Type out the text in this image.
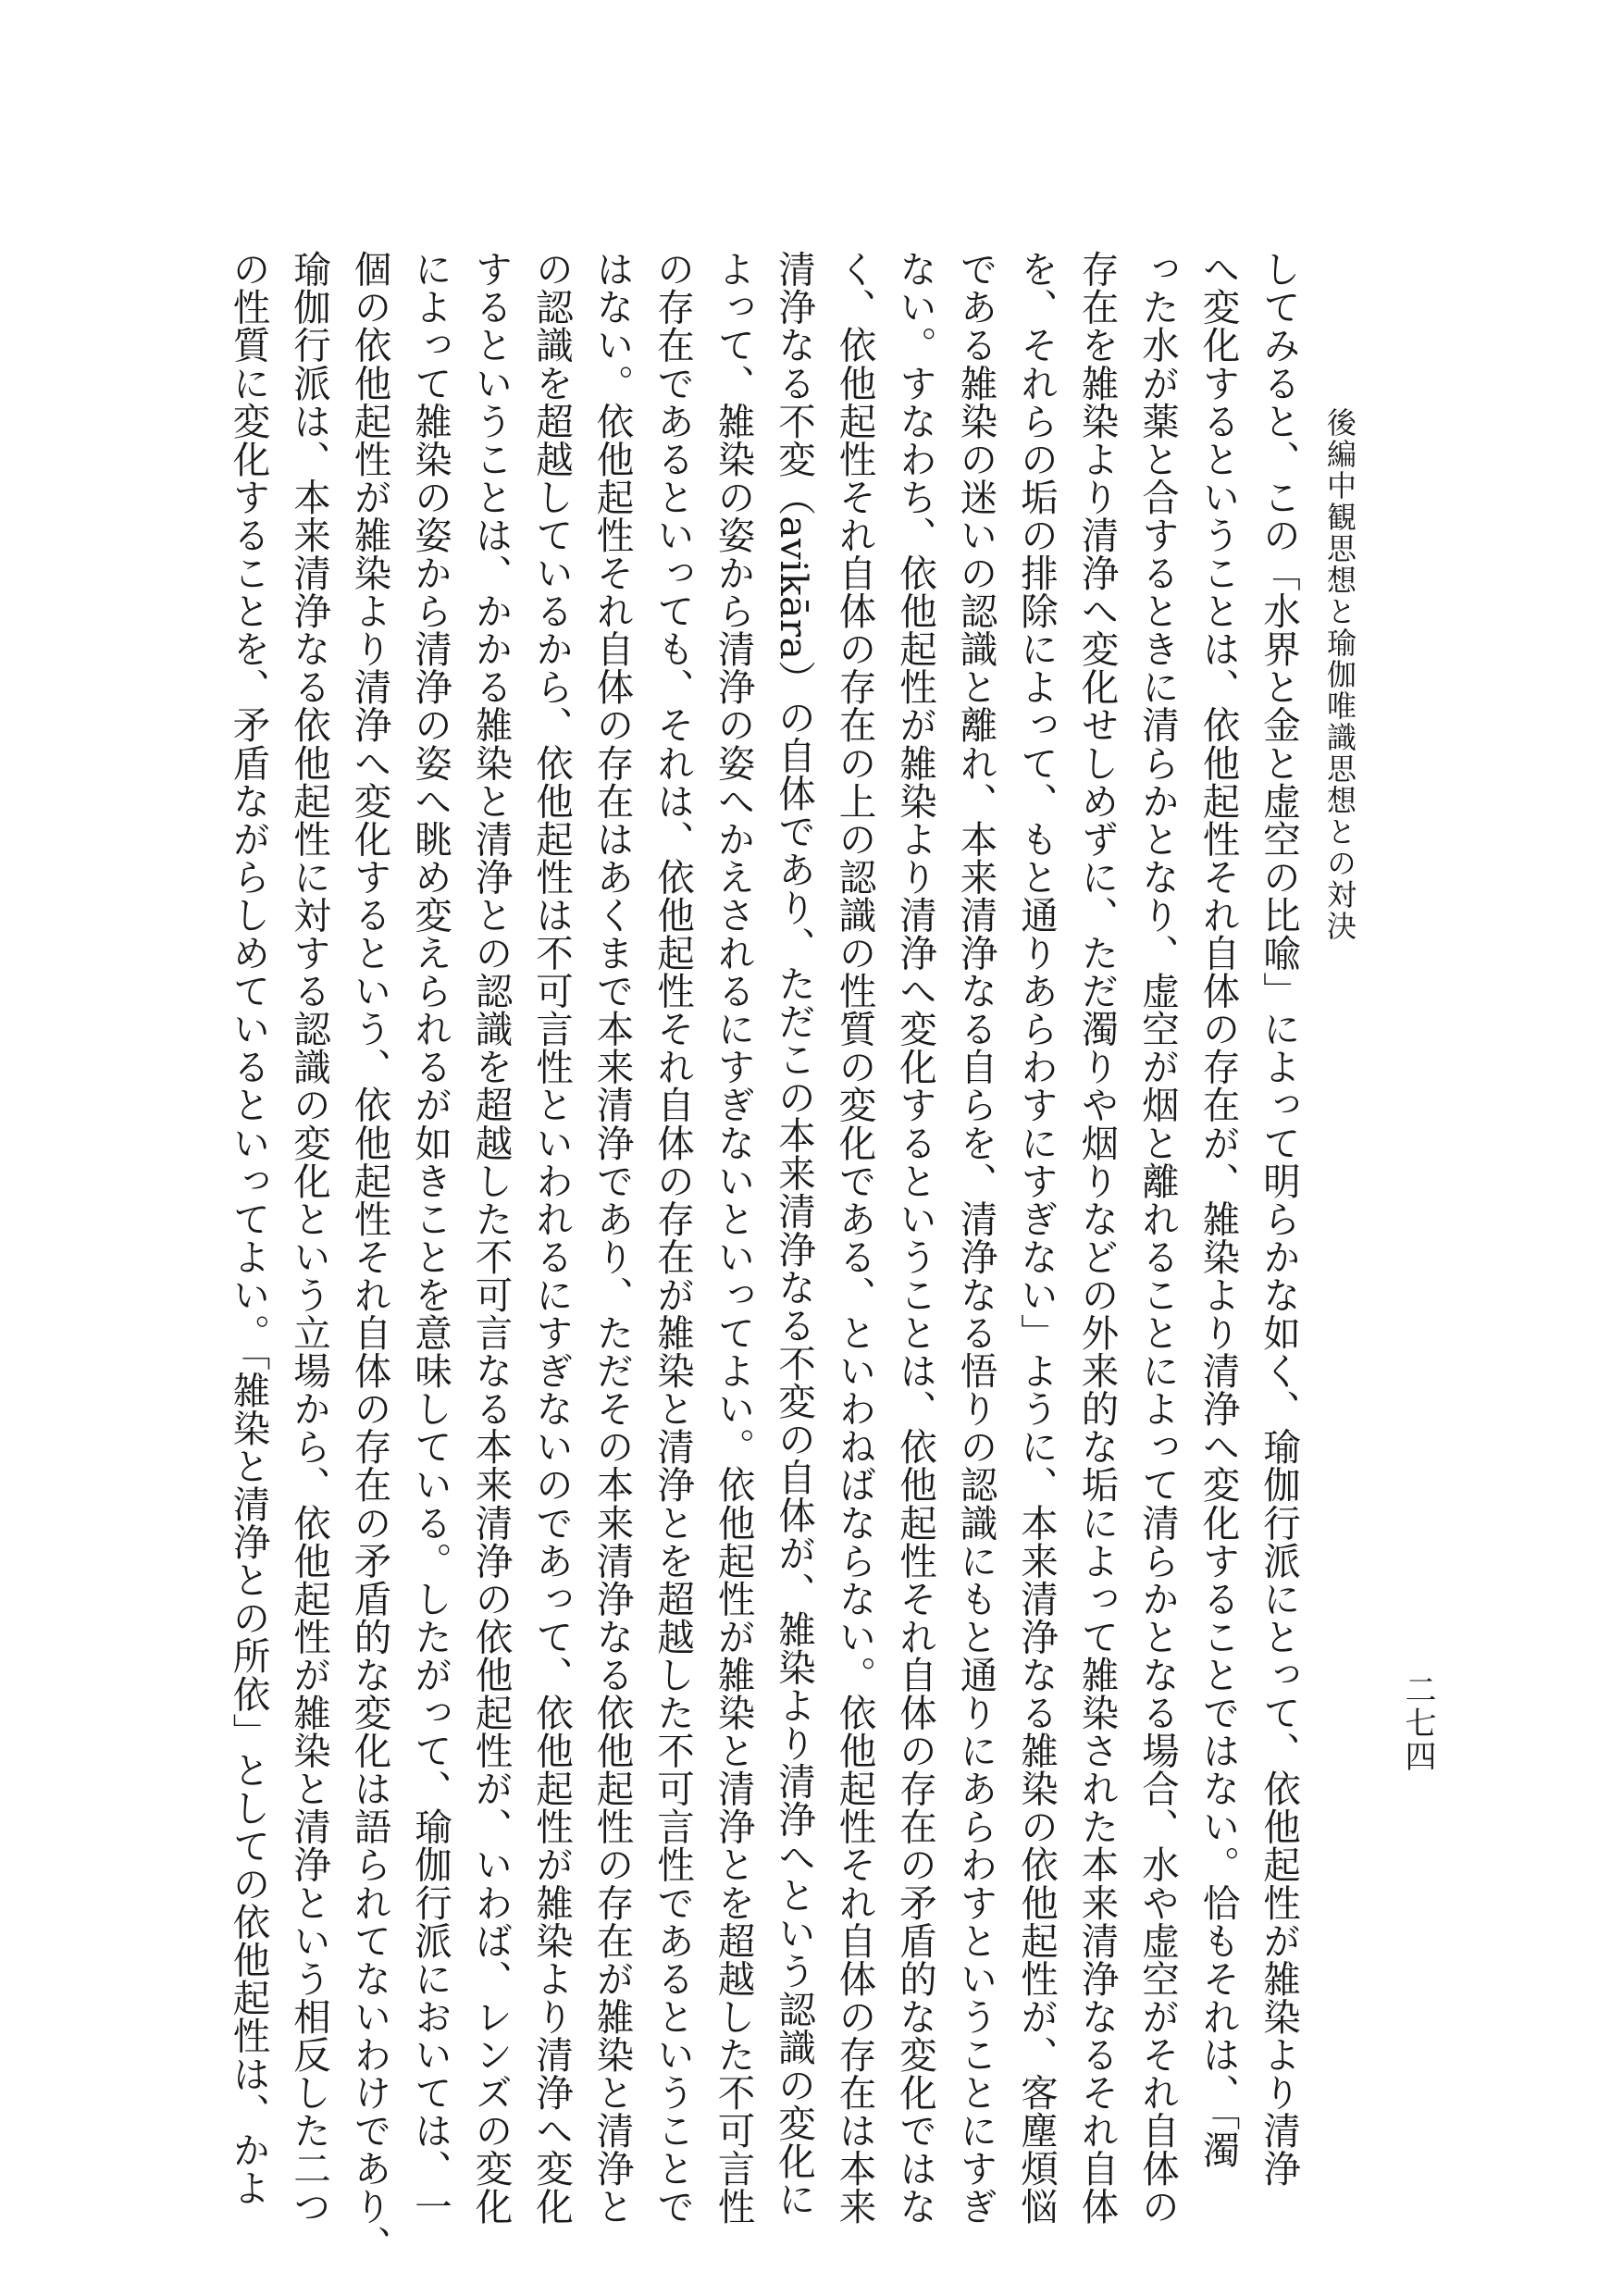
後編中観思想と瑜伽唯識思想との対決
二七四
してみると、この「水界と金と虚空の比喩」によって明らかな如く、瑜伽行派にとって、依他起性が雑染より清浄
へ変化するということは、依他起性それ自体の存在が、雑染より清浄へ変化することではない。恰もそれは、「濁
った水が薬と合するときに清らかとなり、虚空が烟と離れることによって清らかとなる場合、水や虚空がそれ自体の
存在を雑染より清浄へ変化せしめずに、ただ濁りや烟りなどの外来的な垢によって雑染された本来清浄なるそれ自体
を、それらの垢の排除によって、もと通りあらわすにすぎない」ように、本来清浄なる雑染の依他起性が、客塵煩悩
である雑染の迷いの認識と離れ、本来清浄なる自らを、清浄なる悟りの認識にもと通りにあらわすということにすぎ
ない。すなわち、依他起性が雑染より清浄へ変化するということは、依他起性それ自体の存在の矛盾的な変化ではな
く、依他起性それ自体の存在の上の認識の性質の変化である、といわねばならない。依他起性それ自体の存在は本来
清浄なる不変（avikāra）の自体であり、ただこの本来清浄なる不変の自体が、雑染より清浄へという認識の変化に
よって、雑染の姿から清浄の姿へかえされるにすぎないといってよい。依他起性が雑染と清浄とを超越した不可言性
の存在であるといっても、それは、依他起性それ自体の存在が雑染と清浄とを超越した不可言性であるということで
はない。依他起性それ自体の存在はあくまで本来清浄であり、ただその本来清浄なる依他起性の存在が雑染と清浄と
の認識を超越しているから、依他起性は不可言性といわれるにすぎないのであって、依他起性が雑染より清浄へ変化
するということは、かかる雑染と清浄との認識を超越した不可言なる本来清浄の依他起性が、いわば、レンズの変化
によって雑染の姿から清浄の姿へ眺め変えられるが如きことを意味している。したがって、瑜伽行派においては、一
個の依他起性が雑染より清浄へ変化するという、依他起性それ自体の存在の矛盾的な変化は語られてないわけであり、
瑜伽行派は、本来清浄なる依他起性に対する認識の変化という立場から、依他起性が雑染と清浄という相反した二つ
の性質に変化することを、矛盾ながらしめているといってよい。「雑染と清浄との所依」としての依他起性は、かよ
